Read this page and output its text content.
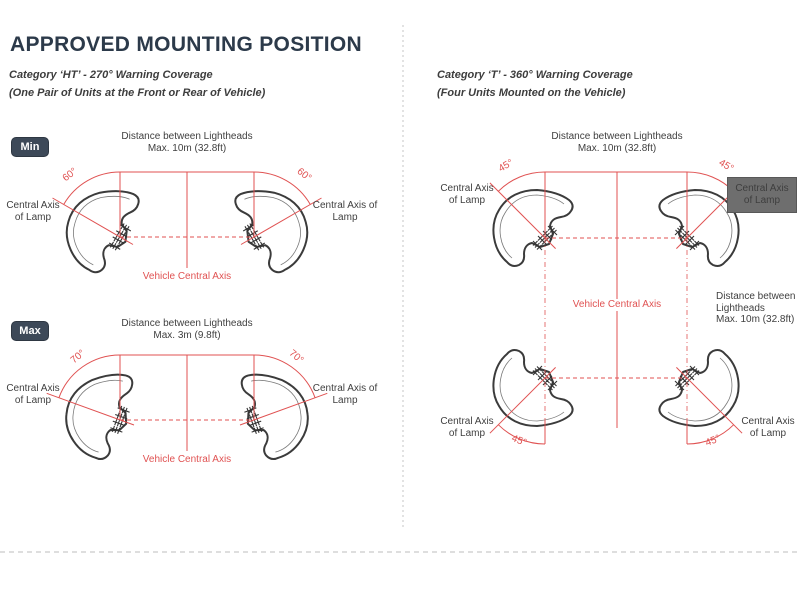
APPROVED MOUNTING POSITION
Category ‘HT’ - 270° Warning Coverage
(One Pair of Units at the Front or Rear of Vehicle)
Category ‘T’ - 360° Warning Coverage
(Four Units Mounted on the Vehicle)
Min
Max
Distance between Lightheads
Max. 10m (32.8ft)
60°	60°
Central Axis
of Lamp
Central Axis of
Lamp
Vehicle Central Axis
Distance between Lightheads
Max. 3m (9.8ft)
70°	70°
Central Axis
of Lamp
Central Axis of
Lamp
Vehicle Central Axis
Distance between Lightheads
Max. 10m (32.8ft)
45°	45°
45°	45°
Central Axis
of Lamp
Central Axis
of Lamp
Central Axis
of Lamp
Central Axis
of Lamp
Distance between
Lightheads
Max. 10m (32.8ft)
Vehicle Central Axis
